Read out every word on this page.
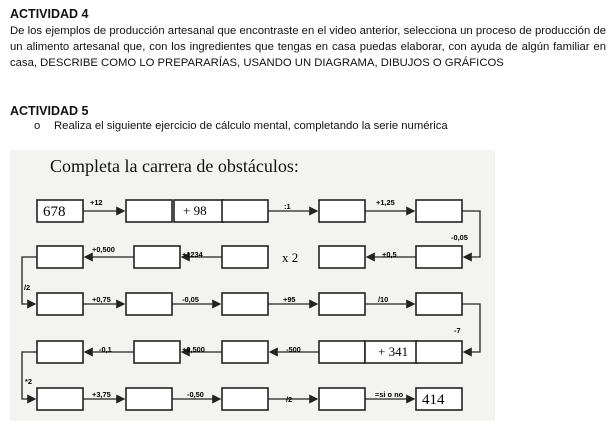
ACTIVIDAD 4
De los ejemplos de producción artesanal que encontraste en el video anterior, selecciona un proceso de producción de un alimento artesanal que, con los ingredientes que tengas en casa puedas elaborar, con ayuda de algún familiar en casa, DESCRIBE COMO LO PREPARARÍAS, USANDO UN DIAGRAMA, DIBUJOS O GRÁFICOS
ACTIVIDAD 5
o Realiza el siguiente ejercicio de cálculo mental, completando la serie numérica
Completa la carrera de obstáculos:
678	+ 98
+12	:1	+1,25
-0,05
x 2
+0,500
+1234	+0,5
/2
+0,75	-0,05	+95	/10
-7
+ 341
-0,1	+0,500	-500
*2
414
+3,75	-0,50
/2
=si o no
